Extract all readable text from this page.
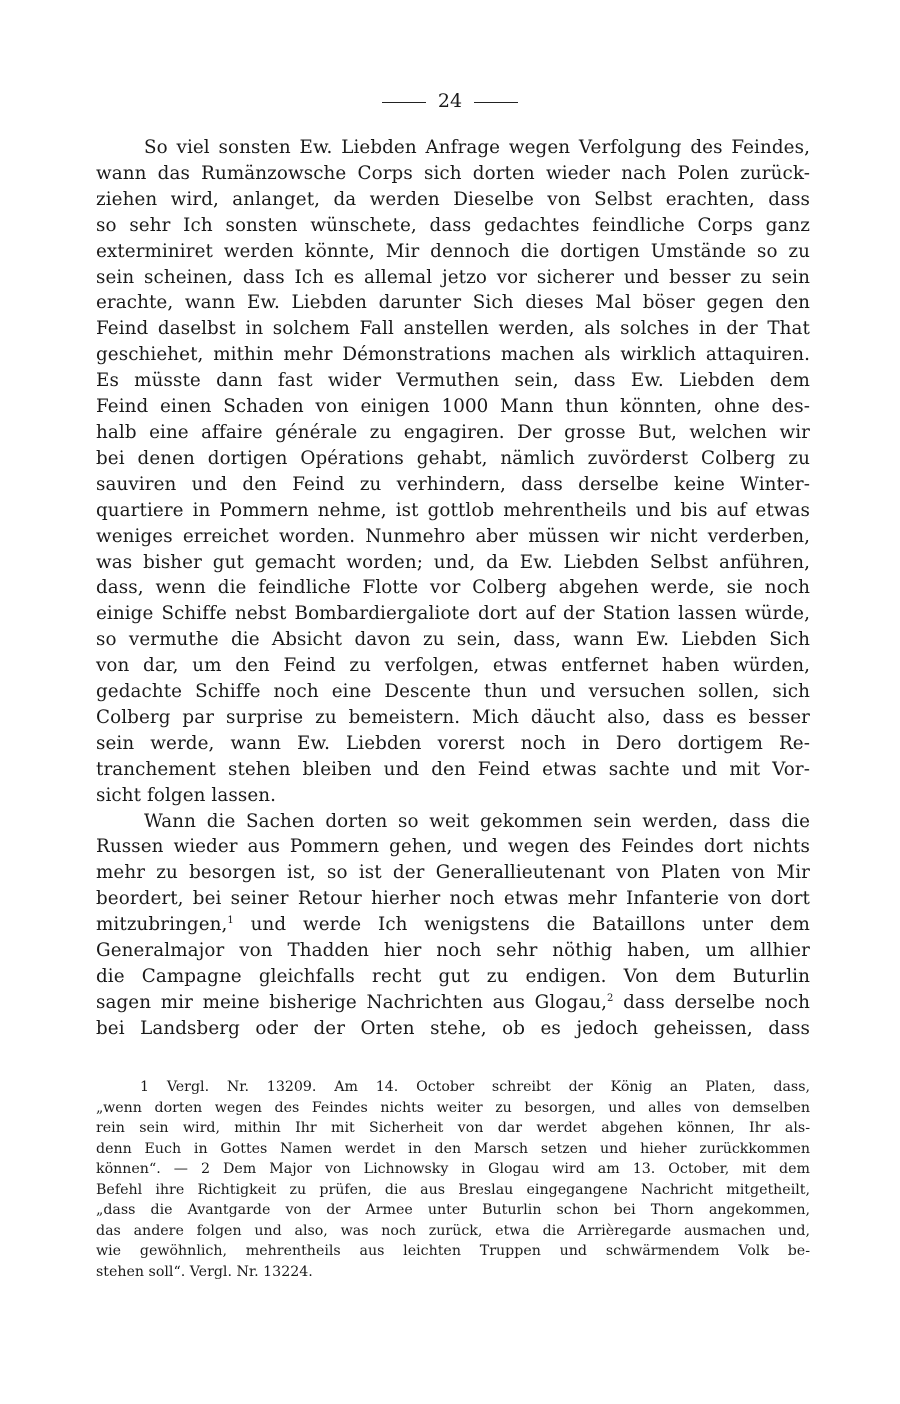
24
So viel sonsten Ew. Liebden Anfrage wegen Verfolgung des Feindes,
wann das Rumänzowsche Corps sich dorten wieder nach Polen zurück-
ziehen wird, anlanget, da werden Dieselbe von Selbst erachten, dass
so sehr Ich sonsten wünschete, dass gedachtes feindliche Corps ganz
exterminiret werden könnte, Mir dennoch die dortigen Umstände so zu
sein scheinen, dass Ich es allemal jetzo vor sicherer und besser zu sein
erachte, wann Ew. Liebden darunter Sich dieses Mal böser gegen den
Feind daselbst in solchem Fall anstellen werden, als solches in der That
geschiehet, mithin mehr Démonstrations machen als wirklich attaquiren.
Es müsste dann fast wider Vermuthen sein, dass Ew. Liebden dem
Feind einen Schaden von einigen 1000 Mann thun könnten, ohne des-
halb eine affaire générale zu engagiren. Der grosse But, welchen wir
bei denen dortigen Opérations gehabt, nämlich zuvörderst Colberg zu
sauviren und den Feind zu verhindern, dass derselbe keine Winter-
quartiere in Pommern nehme, ist gottlob mehrentheils und bis auf etwas
weniges erreichet worden. Nunmehro aber müssen wir nicht verderben,
was bisher gut gemacht worden; und, da Ew. Liebden Selbst anführen,
dass, wenn die feindliche Flotte vor Colberg abgehen werde, sie noch
einige Schiffe nebst Bombardiergaliote dort auf der Station lassen würde,
so vermuthe die Absicht davon zu sein, dass, wann Ew. Liebden Sich
von dar, um den Feind zu verfolgen, etwas entfernet haben würden,
gedachte Schiffe noch eine Descente thun und versuchen sollen, sich
Colberg par surprise zu bemeistern. Mich däucht also, dass es besser
sein werde, wann Ew. Liebden vorerst noch in Dero dortigem Re-
tranchement stehen bleiben und den Feind etwas sachte und mit Vor-
sicht folgen lassen.
Wann die Sachen dorten so weit gekommen sein werden, dass die
Russen wieder aus Pommern gehen, und wegen des Feindes dort nichts
mehr zu besorgen ist, so ist der Generallieutenant von Platen von Mir
beordert, bei seiner Retour hierher noch etwas mehr Infanterie von dort
mitzubringen,$^1$ und werde Ich wenigstens die Bataillons unter dem
Generalmajor von Thadden hier noch sehr nöthig haben, um allhier
die Campagne gleichfalls recht gut zu endigen. Von dem Buturlin
sagen mir meine bisherige Nachrichten aus Glogau,$^2$ dass derselbe noch
bei Landsberg oder der Orten stehe, ob es jedoch geheissen, dass
1 Vergl. Nr. 13209. Am 14. October schreibt der König an Platen, dass,
„wenn dorten wegen des Feindes nichts weiter zu besorgen, und alles von demselben
rein sein wird, mithin Ihr mit Sicherheit von dar werdet abgehen können, Ihr als-
denn Euch in Gottes Namen werdet in den Marsch setzen und hieher zurückkommen
können“. — 2 Dem Major von Lichnowsky in Glogau wird am 13. October, mit dem
Befehl ihre Richtigkeit zu prüfen, die aus Breslau eingegangene Nachricht mitgetheilt,
„dass die Avantgarde von der Armee unter Buturlin schon bei Thorn angekommen,
das andere folgen und also, was noch zurück, etwa die Arrièregarde ausmachen und,
wie gewöhnlich, mehrentheils aus leichten Truppen und schwärmendem Volk be-
stehen soll“. Vergl. Nr. 13224.
